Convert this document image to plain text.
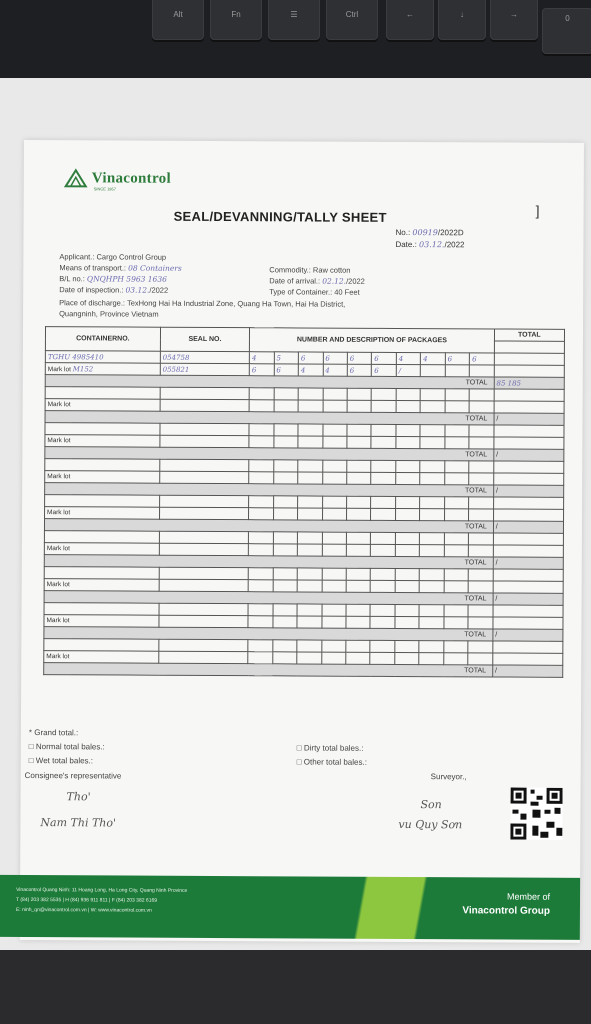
Alt	Fn	☰	Ctrl	←	↓	→	0
Vinacontrol
SINCE 1957
SEAL/DEVANNING/TALLY SHEET	]
No.: 00919/2022D
Date.: 03.12./2022
Applicant.: Cargo Control Group
Means of transport.: 08 Containers
B/L no.: QNQHPH 5963 1636
Date of inspection.: 03.12./2022
Commodity.: Raw cotton
Date of arrival.: 02.12./2022
Type of Container.: 40 Feet
Place of discharge.: TexHong Hai Ha Industrial Zone, Quang Ha Town, Hai Ha District,
Quangninh, Province Vietnam
CONTAINERNO.	SEAL NO.	NUMBER AND DESCRIPTION OF PACKAGES										TOTAL

TGHU 4985410	054758	4	5	6	6	6	6	4	4	6	6	
Mark lot M152	055821	6	6	4	4	6	6	/				
TOTAL												85 185

Mark lot												
TOTAL												/

Mark lot												
TOTAL												/

Mark lot												
TOTAL												/

Mark lot												
TOTAL												/

Mark lot												
TOTAL												/

Mark lot												
TOTAL												/

Mark lot												
TOTAL												/

Mark lot												
TOTAL												/
* Grand total.:
□ Normal total bales.:
□ Wet total bales.:
□ Dirty total bales.:
□ Other total bales.:
Consignee's representative	Surveyor.,
Tho'
Nam Thi Tho'
Son
vu Quy Sơn
Vinacontrol Quang Ninh: 11 Hoang Long, Ha Long City, Quang Ninh Province
T (84) 203 382 5535 | H (84) 936 911 811 | F (84) 203 382 6169
E: ninh_qn@vinacontrol.com.vn | W: www.vinacontrol.com.vn
Member of
Vinacontrol Group
